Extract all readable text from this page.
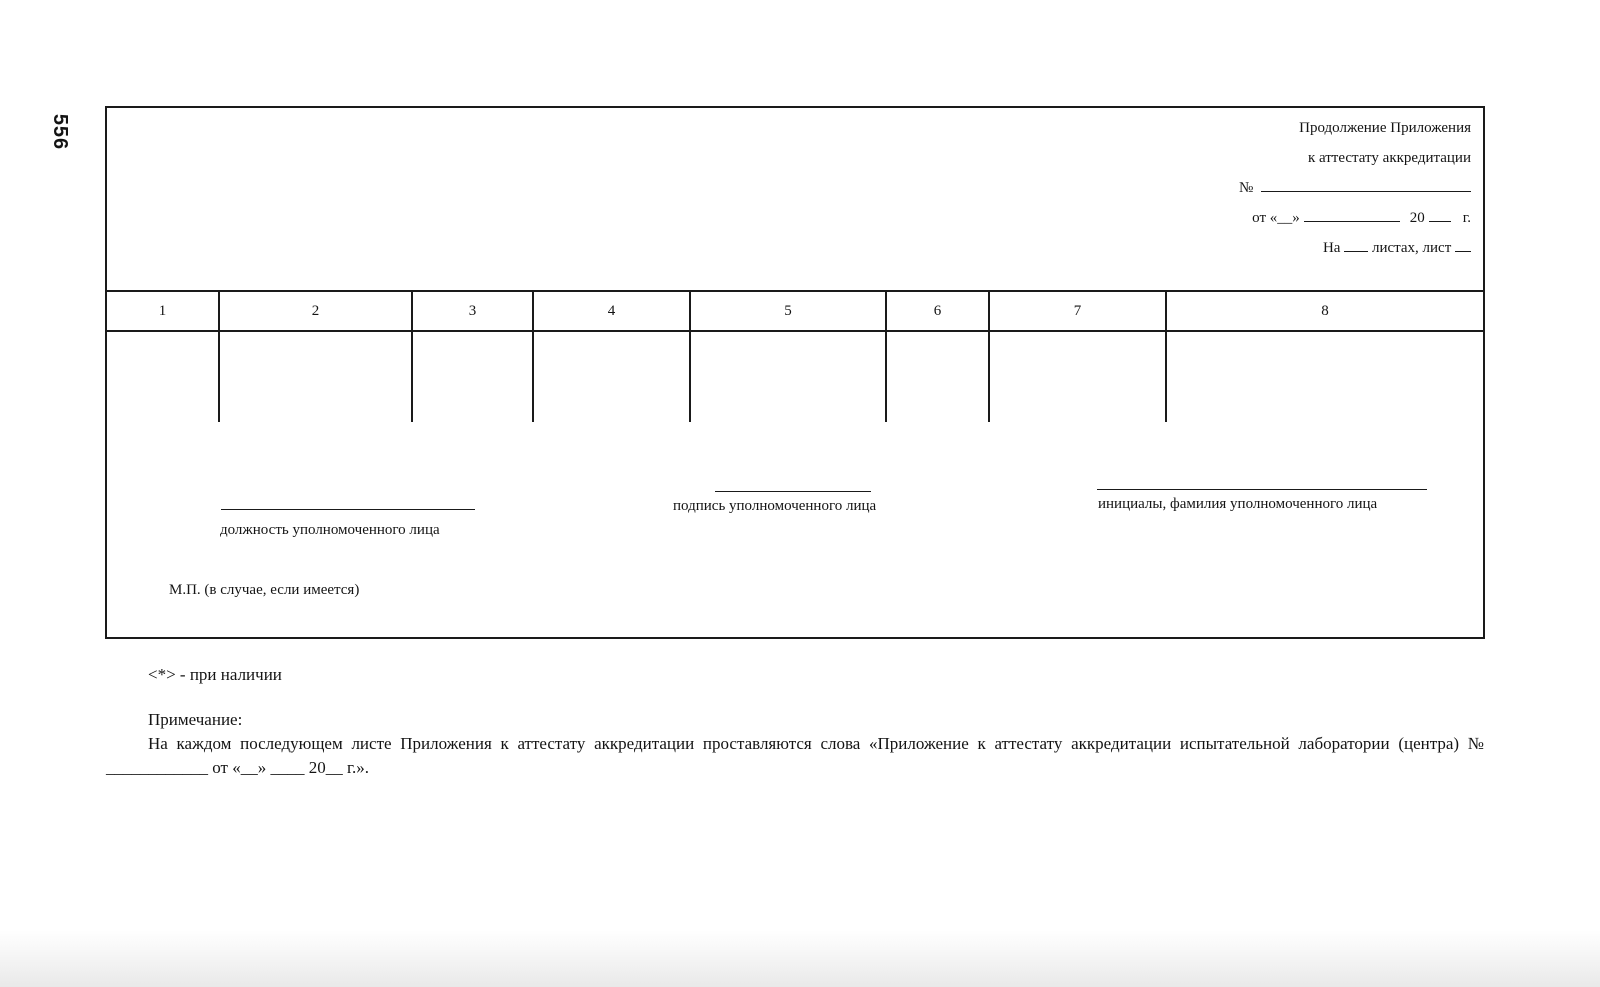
556	Продолжение Приложения
к аттестату аккредитации
№
от «__»	20	г.
На листах, лист
1	2	3	4	5	6	7	8

должность уполномоченного лица
подпись уполномоченного лица	инициалы, фамилия уполномоченного лица
М.П. (в случае, если имеется)
<*> - при наличии
Примечание:
На каждом последующем листе Приложения к аттестату аккредитации проставляются слова «Приложение к аттестату аккредитации испытательной лаборатории (центра) № ____________ от «__» ____ 20__ г.».
